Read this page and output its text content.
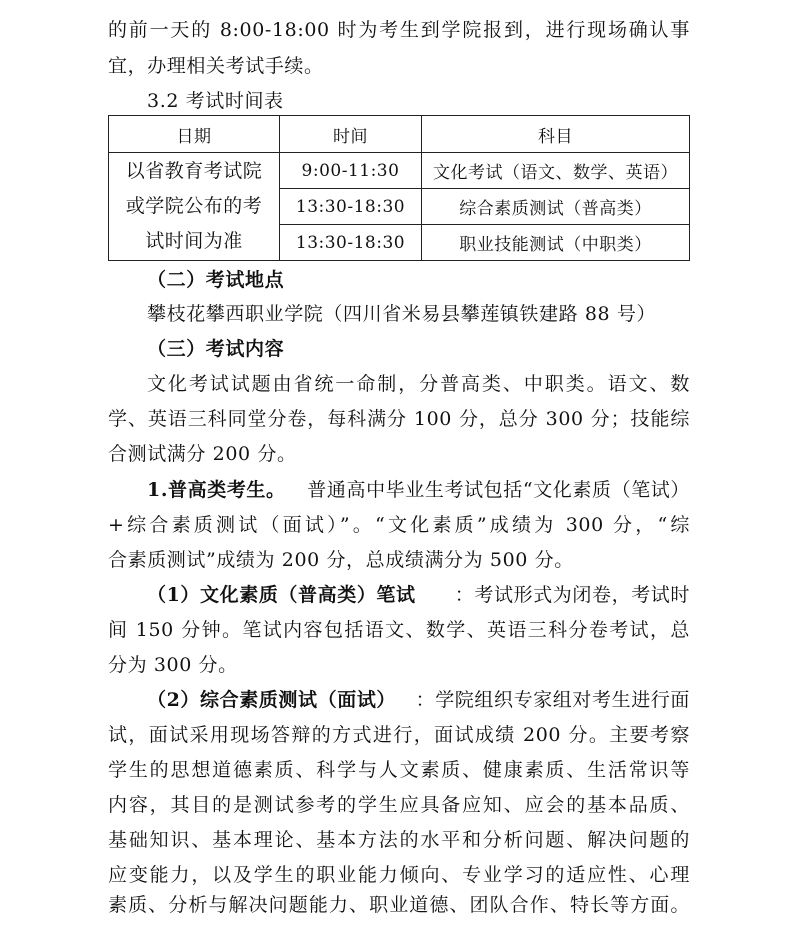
的前一天的 8:00-18:00 时为考生到学院报到，进行现场确认事
宜，办理相关考试手续。
3.2 考试时间表
日期	时间	科目

以省教育考试院
或学院公布的考
试时间为准	9:00-11:30	文化考试（语文、数学、英语）
	13:30-18:30	综合素质测试（普高类）
	13:30-18:30	职业技能测试（中职类）
（二）考试地点
攀枝花攀西职业学院（四川省米易县攀莲镇铁建路 88 号）
（三）考试内容
文化考试试题由省统一命制，分普高类、中职类。语文、数
学、英语三科同堂分卷，每科满分 100 分，总分 300 分；技能综
合测试满分 200 分。
1.普高类考生。 普通高中毕业生考试包括“文化素质（笔试）
+综合素质测试（面试）”。“文化素质”成绩为 300 分，“综
合素质测试”成绩为 200 分，总成绩满分为 500 分。
（1）文化素质（普高类）笔试 ：考试形式为闭卷，考试时
间 150 分钟。笔试内容包括语文、数学、英语三科分卷考试，总
分为 300 分。
（2）综合素质测试（面试） ：学院组织专家组对考生进行面
试，面试采用现场答辩的方式进行，面试成绩 200 分。主要考察
学生的思想道德素质、科学与人文素质、健康素质、生活常识等
内容，其目的是测试参考的学生应具备应知、应会的基本品质、
基础知识、基本理论、基本方法的水平和分析问题、解决问题的
应变能力，以及学生的职业能力倾向、专业学习的适应性、心理
素质、分析与解决问题能力、职业道德、团队合作、特长等方面。
